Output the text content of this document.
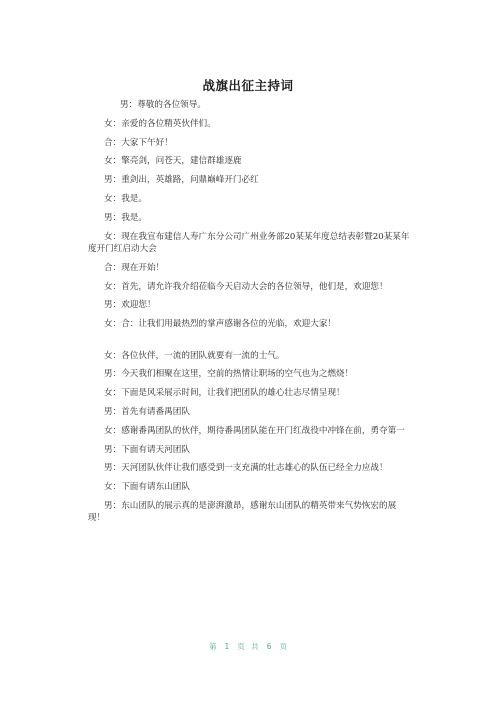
战旗出征主持词

男：尊敬的各位领导。

女：亲爱的各位精英伙伴们。

合：大家下午好！

女：擎亮剑，问苍天，建信群雄逐鹿

男：重剑出，英雄路，问鼎巅峰开门必红

女：我是。

男：我是。

女：现在我宣布建信人寿广东分公司广州业务部20某某年度总结表彰暨20某某年度开门红启动大会

合：现在开始！

女：首先，请允许我介绍莅临今天启动大会的各位领导，他们是，欢迎您！

男：欢迎您！

女：合：让我们用最热烈的掌声感谢各位的光临，欢迎大家！

女：各位伙伴，一流的团队就要有一流的士气。

男：今天我们相聚在这里，空前的热情让职场的空气也为之燃烧！

女：下面是风采展示时间，让我们把团队的雄心壮志尽情呈现！

男：首先有请番禺团队

女：感谢番禺团队的伙伴，期待番禺团队能在开门红战役中冲锋在前，勇夺第一

男：下面有请天河团队

男：天河团队伙伴让我们感受到一支充满的壮志雄心的队伍已经全力应战！

女：下面有请东山团队

男：东山团队的展示真的是澎湃激昂，感谢东山团队的精英带来气势恢宏的展现！

第 1 页 共 6 页
